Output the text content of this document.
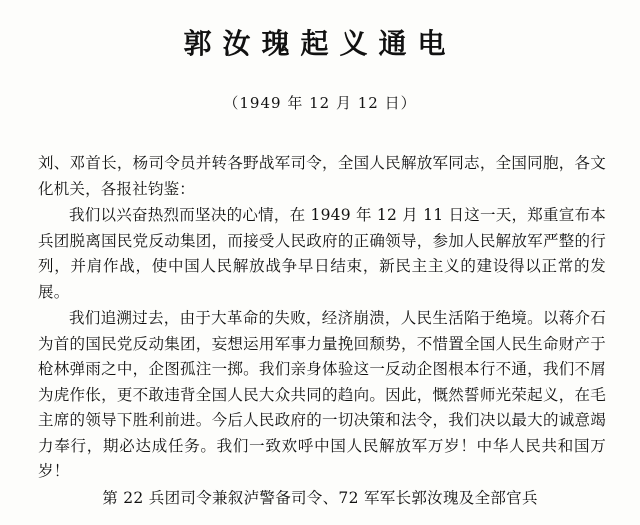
郭汝瑰起义通电
（1949 年 12 月 12 日）
刘、邓首长，杨司令员并转各野战军司令，全国人民解放军同志，全国同胞，各文化机关，各报社钧鉴：
我们以兴奋热烈而坚决的心情，在 1949 年 12 月 11 日这一天，郑重宣布本兵团脱离国民党反动集团，而接受人民政府的正确领导，参加人民解放军严整的行列，并肩作战，使中国人民解放战争早日结束，新民主主义的建设得以正常的发展。
我们追溯过去，由于大革命的失败，经济崩溃，人民生活陷于绝境。以蒋介石为首的国民党反动集团，妄想运用军事力量挽回颓势，不惜置全国人民生命财产于枪林弹雨之中，企图孤注一掷。我们亲身体验这一反动企图根本行不通，我们不屑为虎作伥，更不敢违背全国人民大众共同的趋向。因此，慨然誓师光荣起义，在毛主席的领导下胜利前进。今后人民政府的一切决策和法令，我们决以最大的诚意竭力奉行，期必达成任务。我们一致欢呼中国人民解放军万岁！中华人民共和国万岁！
第 22 兵团司令兼叙泸警备司令、72 军军长郭汝瑰及全部官兵
